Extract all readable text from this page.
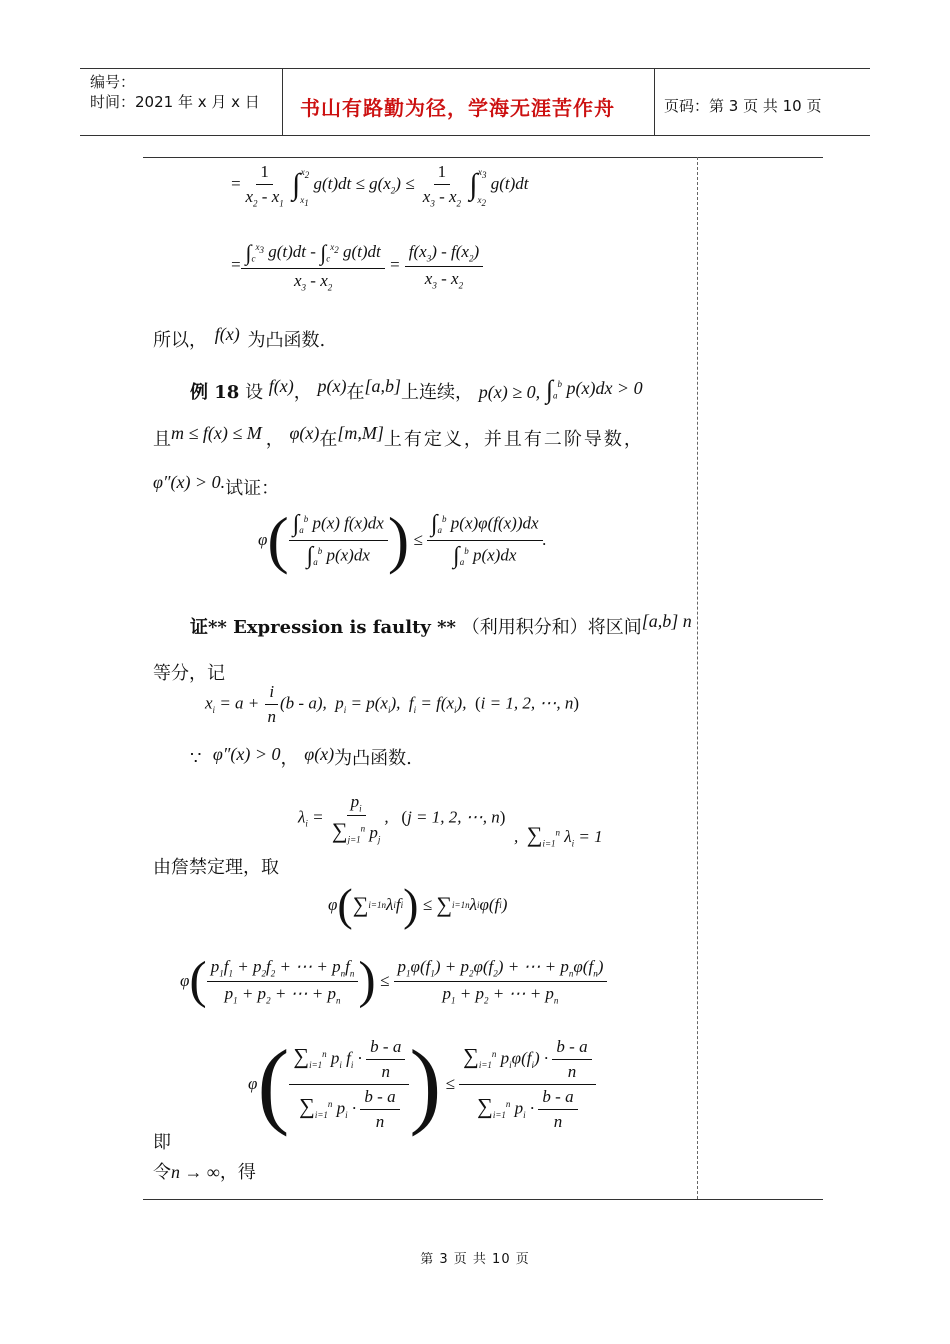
编号：
时间：2021 年 x 月 x 日 书山有路勤为径，学海无涯苦作舟	页码：第 3 页 共 10 页
= $\frac{1}{x_2 - x_1} \int_{x_1}^{x_2}$ $g(t)dt \le g(x_2) \le \frac{1}{x_3 - x_2} \int_{x_2}^{x_3}$ g(t)dt
= $\frac{\int_c^{x_3} g(t)dt - \int_c^{x_2} g(t)dt}{x_3 - x_2} = \frac{f(x_3) - f(x_2)}{x_3 - x_2}$
所以， f(x) 为凸函数.
例 18 设 f(x)， p(x)在[a,b]上连续， p(x) ≥ 0, $\int_a^b$ p(x)dx > 0
且m ≤ f(x) ≤ M ， φ(x)在[m,M]上有定义，并且有二阶导数，
φ″(x) > 0.试证：
φ ( $\frac{\int_a^b p(x) f(x)dx}{\int_a^b p(x)dx}$ ) ≤ $\frac{\int_a^b p(x)\varphi(f(x))dx}{\int_a^b p(x)dx}$ .
证** Expression is faulty ** （利用积分和）将区间[a,b] n
等分，记
$x_i = a + \frac{i}{n} (b - a)$,  $p_i = p(x_i)$,  $f_i = f(x_i)$,  (i = 1, 2, ⋯, n)
∵ φ″(x) > 0， φ(x)为凸函数.
$\lambda_i = \frac{p_i}{\sum_{j=1}^n p_j}$ ,   (j = 1, 2, ⋯, n)
由詹禁定理，取
,  $\sum_{i=1}^n$ $\lambda_i = 1$
φ ( ∑ i=1 n λ i f i ) ≤ ∑ i=1 n λ i φ(f i )
φ ( $\frac{p_1f_1 + p_2f_2 + \cdots + p_nf_n}{p_1 + p_2 + \cdots + p_n}$ ) ≤ $\frac{p_1\varphi(f_1) + p_2\varphi(f_2) + \cdots + p_n\varphi(f_n)}{p_1 + p_2 + \cdots + p_n}$
φ ( $\frac{\sum_{i=1}^n p_i f_i \cdot \frac{b - a}{n}}{\sum_{i=1}^n p_i \cdot \frac{b - a}{n}}$ ) ≤ $\frac{\sum_{i=1}^n p_i\varphi(f_i) \cdot \frac{b - a}{n}}{\sum_{i=1}^n p_i \cdot \frac{b - a}{n}}$
即
令n → ∞，得
第 3 页 共 10 页
